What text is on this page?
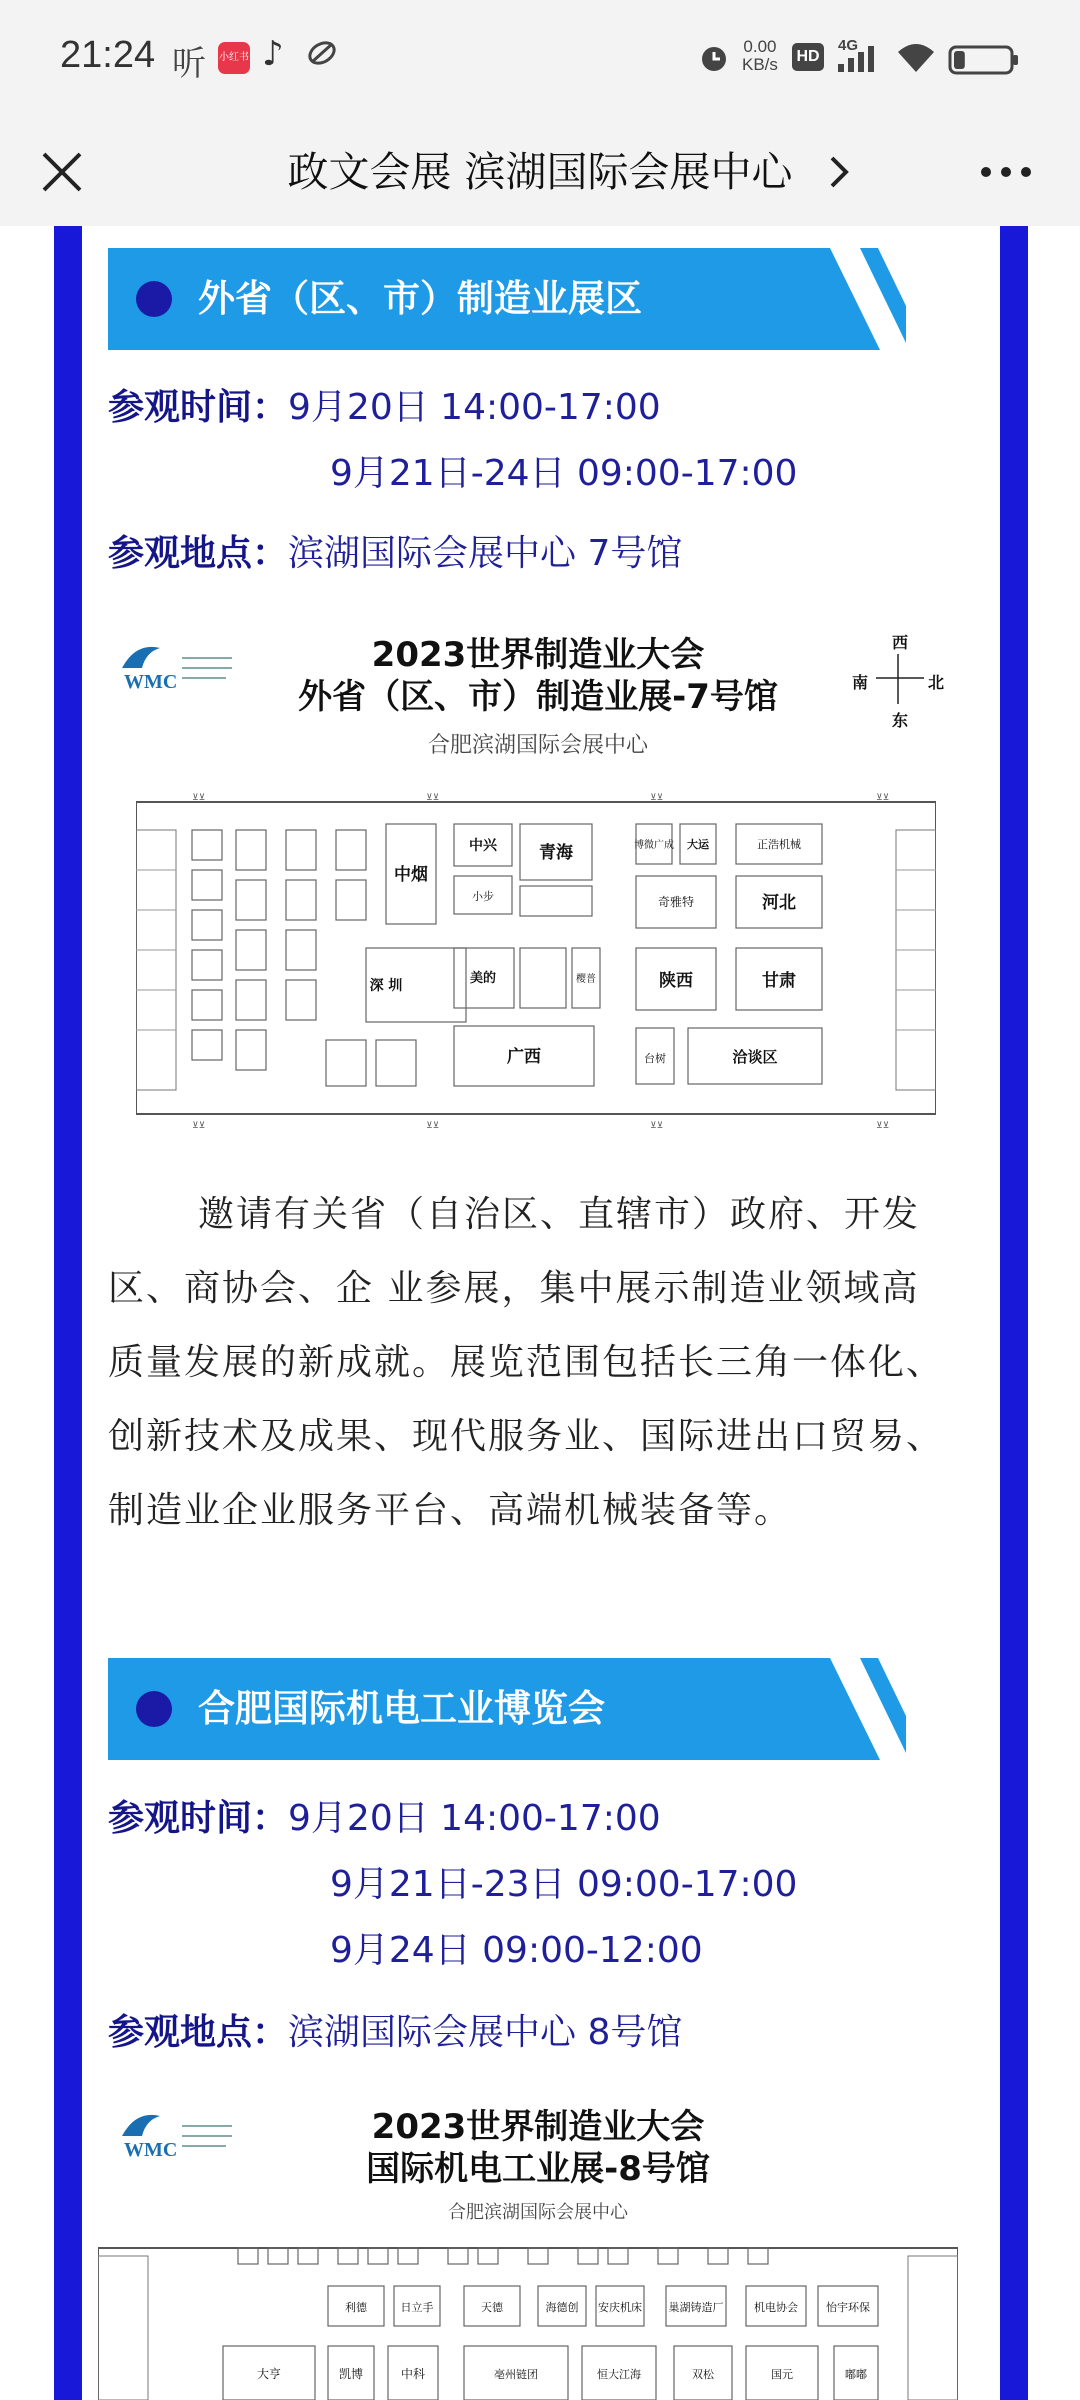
21:24 听 小红书 ♪	0.00
KB/s HD
4G
政文会展 滨湖国际会展中心
外省（区、市）制造业展区
参观时间：9月20日 14:00-17:00
9月21日-24日 09:00-17:00
参观地点：滨湖国际会展中心 7号馆
WMC
2023世界制造业大会
外省（区、市）制造业展-7号馆
合肥滨湖国际会展中心
西
南	北
东
中烟
中兴 青海
小步
博微广成 大运	正浩机械
奇雅特	河北
陕西	甘肃
深 圳	美的	樱普
广西	台树	洽谈区
⊻⊻	⊻⊻	⊻⊻	⊻⊻
⊻⊻	⊻⊻	⊻⊻	⊻⊻
邀请有关省（自治区、直辖市）政府、开发
区、商协会、企 业参展，集中展示制造业领域高
质量发展的新成就。展览范围包括长三角一体化、
创新技术及成果、现代服务业、国际进出口贸易、
制造业企业服务平台、高端机械装备等。
合肥国际机电工业博览会
参观时间：9月20日 14:00-17:00
9月21日-23日 09:00-17:00
9月24日 09:00-12:00
参观地点：滨湖国际会展中心 8号馆
WMC
2023世界制造业大会
国际机电工业展-8号馆
合肥滨湖国际会展中心
利德	日立手	天德	海德创 安庆机床 巢湖铸造厂	机电协会	怡宇环保
大亨	凯博	中科	亳州链团	恒大江海	双松	国元	嘟嘟
